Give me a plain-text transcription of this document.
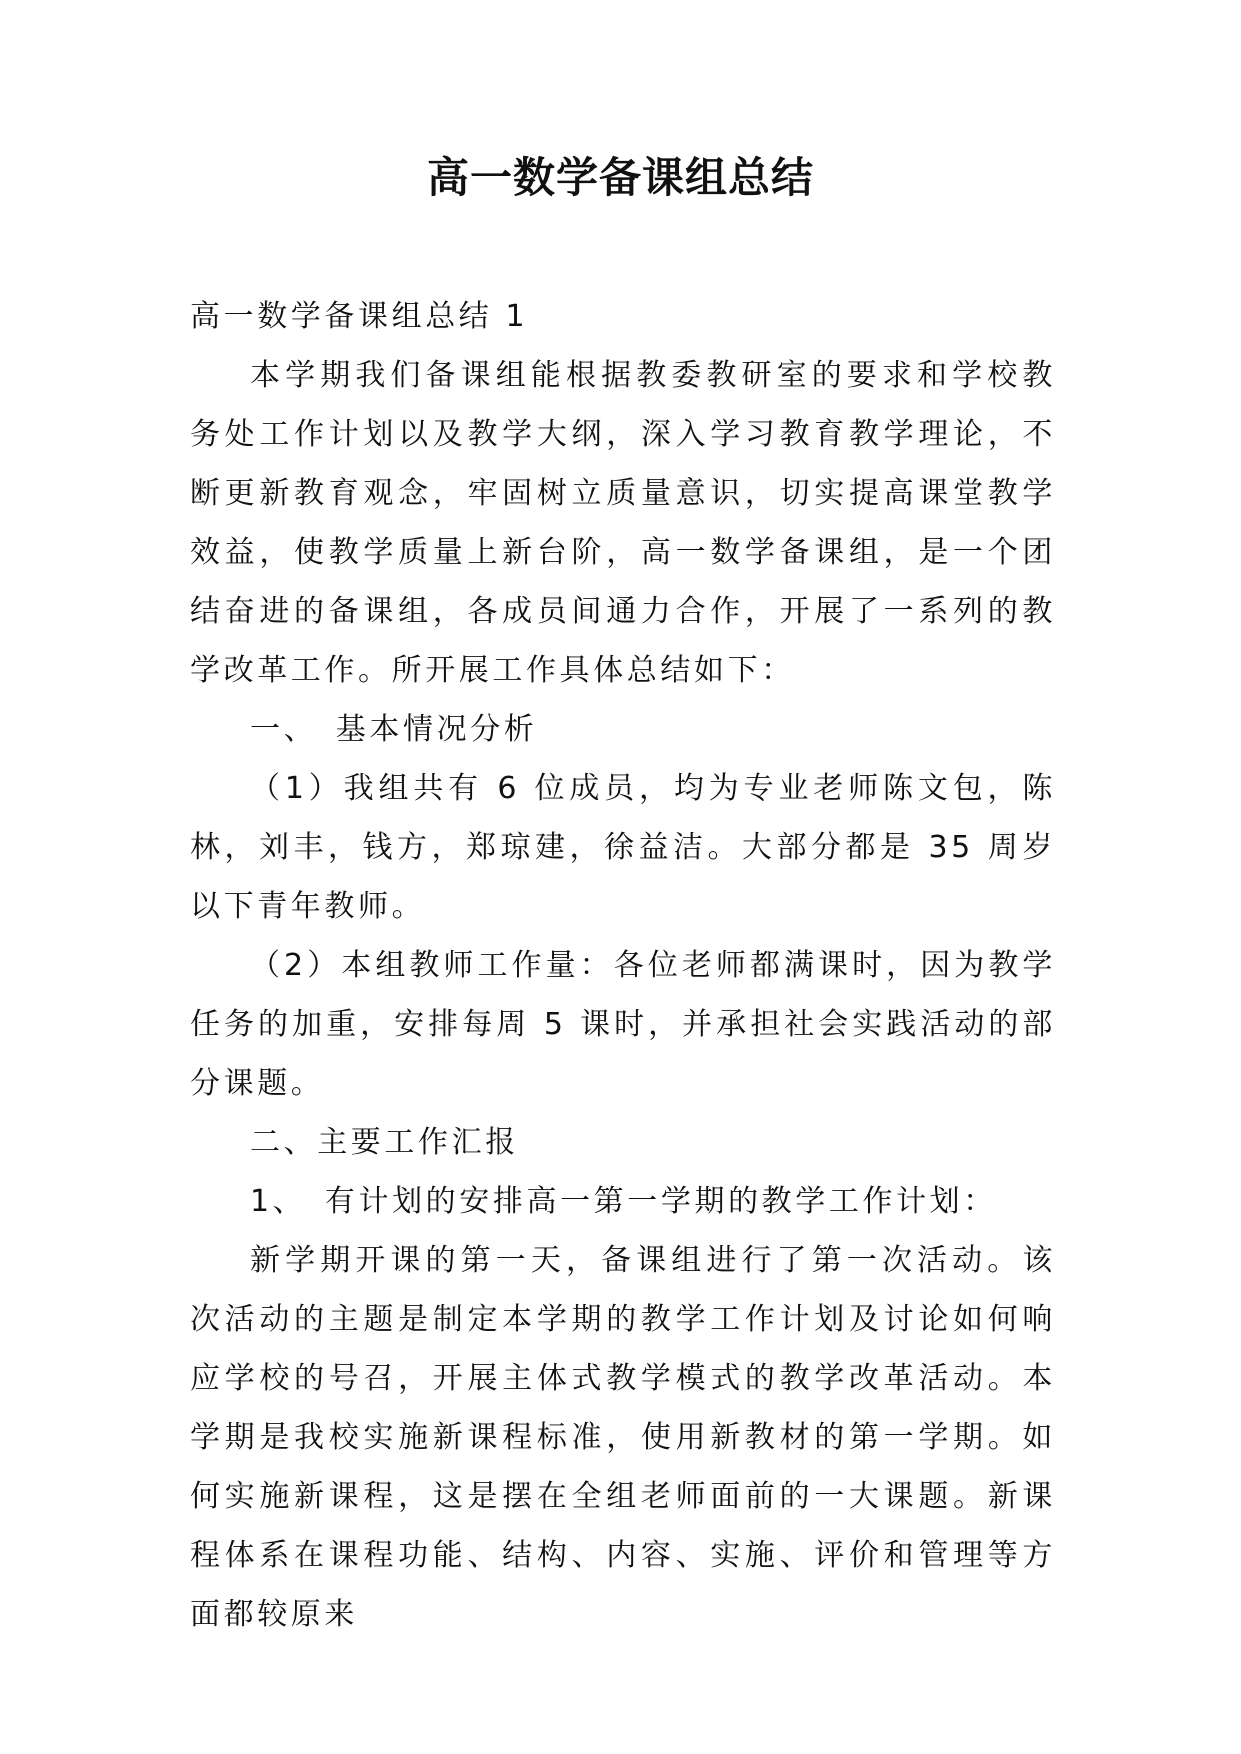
高一数学备课组总结

高一数学备课组总结 1

本学期我们备课组能根据教委教研室的要求和学校教务处工作计划以及教学大纲，深入学习教育教学理论，不断更新教育观念，牢固树立质量意识，切实提高课堂教学效益，使教学质量上新台阶，高一数学备课组，是一个团结奋进的备课组，各成员间通力合作，开展了一系列的教学改革工作。所开展工作具体总结如下：

一、　基本情况分析

（1）我组共有 6 位成员，均为专业老师陈文包，陈林，刘丰，钱方，郑琼建，徐益洁。大部分都是 35 周岁以下青年教师。

（2）本组教师工作量：各位老师都满课时，因为教学任务的加重，安排每周 5 课时，并承担社会实践活动的部分课题。

二、主要工作汇报

1、　有计划的安排高一第一学期的教学工作计划：

新学期开课的第一天，备课组进行了第一次活动。该次活动的主题是制定本学期的教学工作计划及讨论如何响应学校的号召，开展主体式教学模式的教学改革活动。本学期是我校实施新课程标准，使用新教材的第一学期。如何实施新课程，这是摆在全组老师面前的一大课题。新课程体系在课程功能、结构、内容、实施、评价和管理等方面都较原来
